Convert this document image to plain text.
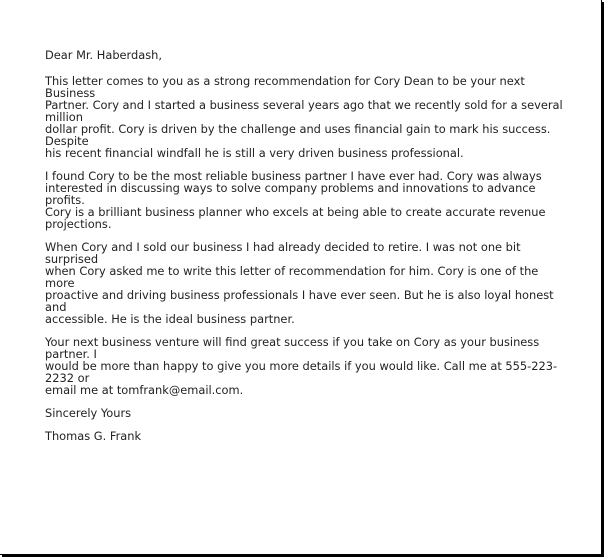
Dear Mr. Haberdash,
This letter comes to you as a strong recommendation for Cory Dean to be your next Business
Partner. Cory and I started a business several years ago that we recently sold for a several million
dollar profit. Cory is driven by the challenge and uses financial gain to mark his success. Despite
his recent financial windfall he is still a very driven business professional.
I found Cory to be the most reliable business partner I have ever had. Cory was always
interested in discussing ways to solve company problems and innovations to advance profits.
Cory is a brilliant business planner who excels at being able to create accurate revenue
projections.
When Cory and I sold our business I had already decided to retire. I was not one bit surprised
when Cory asked me to write this letter of recommendation for him. Cory is one of the more
proactive and driving business professionals I have ever seen. But he is also loyal honest and
accessible. He is the ideal business partner.
Your next business venture will find great success if you take on Cory as your business partner. I
would be more than happy to give you more details if you would like. Call me at 555-223-2232 or
email me at tomfrank@email.com.
Sincerely Yours
Thomas G. Frank
